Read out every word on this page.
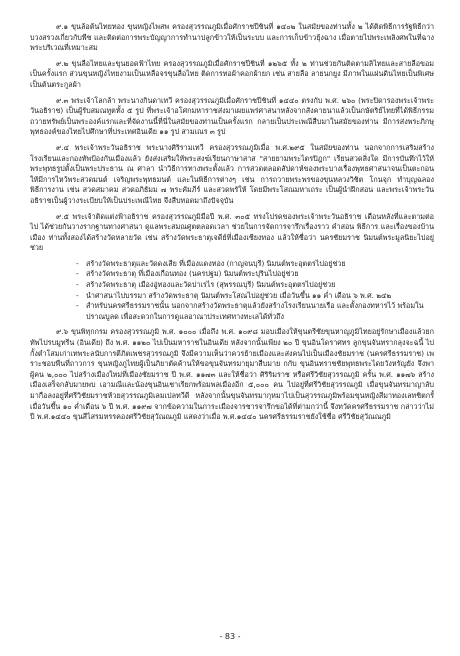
๙.๑ ขุนล้อต้นไทยทอง ขุนหญิงไพสพ ครองสุวรรณภูมิเมื่อศักราชปีชินที่ ๑๔๐๒ ในสมัยของท่านทั้ง ๒ ได้ติดพิธีการรัฐพิธีกว่า บวงสรวงเกี่ยวกับพืช และติดต่อการพระบัญญาการทำนาปลูกข้าวให้เป็นระบบ และการเก็บข้าวยุ้งฉาง เมื่อตายไปพระเพลิงศพในที่ฉางพระบริเวณที่เหมาะสม

๙.๒ ขุนลือไทยและขุนยอดฟ้าไทย ครองสุวรรณภูมิเมื่อศักราชปีชินที่ ๑๒๖๕ ทั้ง ๒ ท่านช่วยกันติดตามลิไทยและสายลือขอม เป็นครั้งแรก ส่วนขุนหญิงไทยงามเป็นเหลือจรขุนลือไทย ติดการทอผ้าคอกผ้ายก เช่น สายลือ ลายนกยูง มีภาพในแผ่นดินไทยเป็นพิเศษ เป็นต้นตระกูลผ้า

๙.๓ พระเจ้าโลกล้า พระนางกินดาเทวี ครองสุวรรณภูมิเมื่อศักราชปีชินที่ ๑๔๔๐ ตรงกับ พ.ศ. ๒๖๐ (พระปิดารองพระเจ้าพระวันอธิราช) เป็นผู้รับสมณทูตทั้ง ๕ รูป ที่พระเจ้าอโศกมหาราชส่งมาเผยแพร่ศาสนาหลังจากสังคายนาแล้วเป็นกษัตริย์ไทยที่ได้พิธีกรรม ถวายทรัพย์เป็นพระองค์แรกและที่จัดงานนี้ที่นี่ในสมัยของท่านเป็นครั้งแรก กลายเป็นประเพณีสืบมาในสมัยของท่าน มีการส่งพระภิกษุพุทธองค์ของไทยไปศึกษาที่ประเทศอินเดีย ๑๑ รูป สามเณร ๓ รูป

๙.๔ พระเจ้าพระวันอธิราช พระนางศิริรามเทวี ครองสุวรรณภูมิเมื่อ พ.ศ.๒๙๕ ในสมัยของท่าน นอกจากการเสริมสร้างโรงเรียนและกองทัพป้องกันเมืองแล้ว ยังส่งเสริมให้พระสงฆ์เรียนภาษาสาส "สายยามพระไตรปิฎก" เรียนสวดสิ่งใด มีการบันทึกไว้ให้พระพุทธรูปตั้งเป็นพระประธาน ณ ศาลา นำวิธีการทางพระตั้งแล้ว การสวดตลอดสัปดาห์ของพระบางเรื่องพุทธศาสนาจนเป็นตะกอนให้มีการไหว้พระสวดมนต์ เจริญพระพุทธมนต์ และในพิธีการต่างๆ เช่น การถวายพระพรของขุนหลวงวิชิต โกนจุก ทำบุญฉลอง พิธีการงาน เช่น สวดสมาคม สวดอภิธัมม ๗ พระคัมภีร์ และสวดพรัให้ โดยมีพระโสณมหาเถระ เป็นผู้นำฝึกสอน และพระเจ้าพระวันอธิราชเป็นผู้วางระเบียบให้เป็นประเพณีไทย จึงสืบทอดมาถึงปัจจุบัน

๙.๕ พระเจ้าติดแต่งฟ้าอธิราช ครองสุวรรณภูมิมือปี พ.ศ. ๓๐๕ ทรงโปรดของพระเจ้าพระวันอธิราช เดือนหลังที่และตามต่อไป ได้ช่วยกันวางรากฐานทางศาสนา ดูแลพระสมณศูตตลอดเวลา ช่วยในการจัดการจารึกเรื่องราว คำสอน พิธีการ และเรื่องของบ้านเมือง ท่านทั้งสองได้สร้างวัดหลายวัด เช่น สร้างวัดพระธาตุเจดีย์ที่เมืองเชียงทอง แล้วให้ชื่อว่า นครชัยมราช นิมนต์พระมูลนิยะไปอยู่ช่วย

- สร้างวัดพระธาตุและวัดดงเสีย ที่เมืองแดงทอง (กาญจนบุรี) นิมนต์พระอุตตรไปอยู่ช่วย
- สร้างวัดพระธาตุ ที่เมืองเกือนทอง (นครปฐม) นิมนต์พระปุรินไปอยู่ช่วย
- สร้างวัดพระธาตุ เมืองอู่ทองและวัดปาเรไร (สุพรรณบุรี) นิมนต์พระอุตตรไปอยู่ช่วย
- นำศาสนาไปบรรมา สร้างวัดพระธาตุ นิมนต์พระโสณไปอยู่ช่วย เมื่อวันขึ้น ๑๑ ค่ำ เดือน ๖ พ.ศ. ๒๔๒
- สำหรับนครศรีธรรมราชนั้น นอกจากสร้างวัดพระธาตุแล้วยังสร้างโรงเรียนนายเรือ และตั้งกองทหารไว้ พร้อมในปราณบูลด เพื่อสะดวกในการดูแลอาณาประเทศทางทะเลได้ทั่วถึง

๙.๖ ขุนพิทุกกรม ครองสุวรรณภูมิ พ.ศ. ๑๐๐๐ เมื่อถึง พ.ศ. ๑๐๙๘ มอบเมืองให้ขุนตรีชัยขุนหาญภูมิไทยอยู่รักษาเมืองแล้วยกทัพไปรบมูทรีน (อินเดีย) ถึง พ.ศ. ๑๑๒๐ ไปเป็นมหาราชในอินเดีย หลังจากนั้นเพียง ๒๐ ปี ขุนอินโดราศทร ลูกขุนจันทรากลุงจะฉนี้ ไปกั้งตำโสมเก่าเทพระลนับการตีภิตเพชรสุวรรณภูมิ จึงมีความเห็นว่าควรย้ายเมืองและส่งคนไปเป็นเมืองชัยมราช (นครศรีธรรมราช) เพราะชอบพืนที่ถาวการ ขุนหญิงภูไทยผู้เป็นภิยาตัดค้านให้ขอขุนจันทรมายุมาสืบมาย กกับ ขุนอินทราชชัยพุทธพระไดยวังหรัญยัง จึงพาผู้คน ๒,๐๐๐ ไปสร้างเมืองใหม่ที่เมืองชัยมราช ปี พ.ศ. ๑๑๗๓ และให้ชื่อว่า ศิริริมราช หรือศรีวิชัยสุวรรณภูมิ ครั้น พ.ศ. ๑๑๗๖ สร้างเมืองเสร็จกลับมายพบ เอามณีและน้องขุนอินเชาเรียกพร้อมพลเมืองอีก ๕,๐๐๐ คน ไปอยู่ที่ศรีวิชัยสุวรรณภูมิ เมื่อขุนจันทรมาญาลับมากือลงอยู่ที่ศรีวิชัยมราชห้วยสุวรรณภูมิเลมเปลทวีดี หลังจากนั้นขุนจันทรมากุหมาไปเป็นสุวรรณภูมิพร้อมขุนหญิงสีมาทองเลทชิตกรั้ เมื่อวันขึ้น ๑๐ ค่ำเดือน ๖ ปี พ.ศ. ๑๑๙๗ จากข้อความในภาระเมืองจารชารจารึกขอได้ที่ต่ามกว่านี้ จึงทวัดครศรีธรรมราช กล่าวว่าไม่ปี พ.ศ.๑๔๔๐ ขุนสีไสรมหรรคองศรีวิชัยสุวัณณภูมิ แสดงว่าเมื่อ พ.ศ.๑๔๔๐ นครศรีธรรมราชยังใช้ชื่อ ศรีวิชัยสุวัณณภูมิ

- 83 -
